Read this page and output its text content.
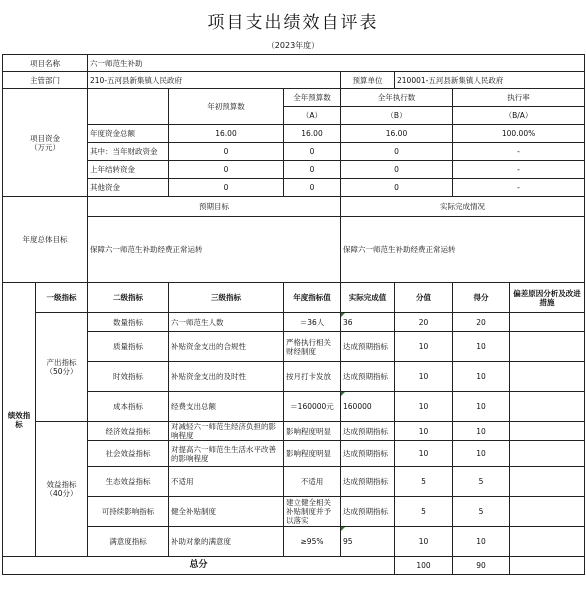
项目支出绩效自评表
（2023年度）
项目名称		六一师范生补助						
主管部门		210-五河县新集镇人民政府			预算单位	210001-五河县新集镇人民政府		
项目资金
（万元）			年初预算数	全年预算数	全年执行数		执行率	
				（A）	（B）		（B/A）	
		年度资金总额	16.00	16.00	16.00		100.00%	
		其中：当年财政资金	0	0	0		-	
		上年结转资金	0	0	0		-	
		其他资金	0	0	0		-	
年度总体目标		预期目标			实际完成情况			
		保障六一师范生补助经费正常运转			保障六一师范生补助经费正常运转			
绩效指标	一级指标	二级指标	三级指标	年度指标值	实际完成值	分值	得分	偏差原因分析及改进措施
	产出指标（50分）	数量指标	六一师范生人数	＝36人	36	20	20	
		质量指标	补贴资金支出的合规性	严格执行相关财经制度	达成预期指标	10	10	
		时效指标	补贴资金支出的及时性	按月打卡发放	达成预期指标	10	10	
		成本指标	经费支出总额	＝160000元	160000	10	10	
	效益指标（40分）	经济效益指标	对减轻六一师范生经济负担的影响程度	影响程度明显	达成预期指标	10	10	
		社会效益指标	对提高六一师范生生活水平改善的影响程度	影响程度明显	达成预期指标	10	10	
		生态效益指标	不适用	不适用	达成预期指标	5	5	
		可持续影响指标	健全补贴制度	建立健全相关补贴制度并予以落实	达成预期指标	5	5	
		满意度指标	补助对象的满意度	≥95%	95	10	10	
总分						100	90	
